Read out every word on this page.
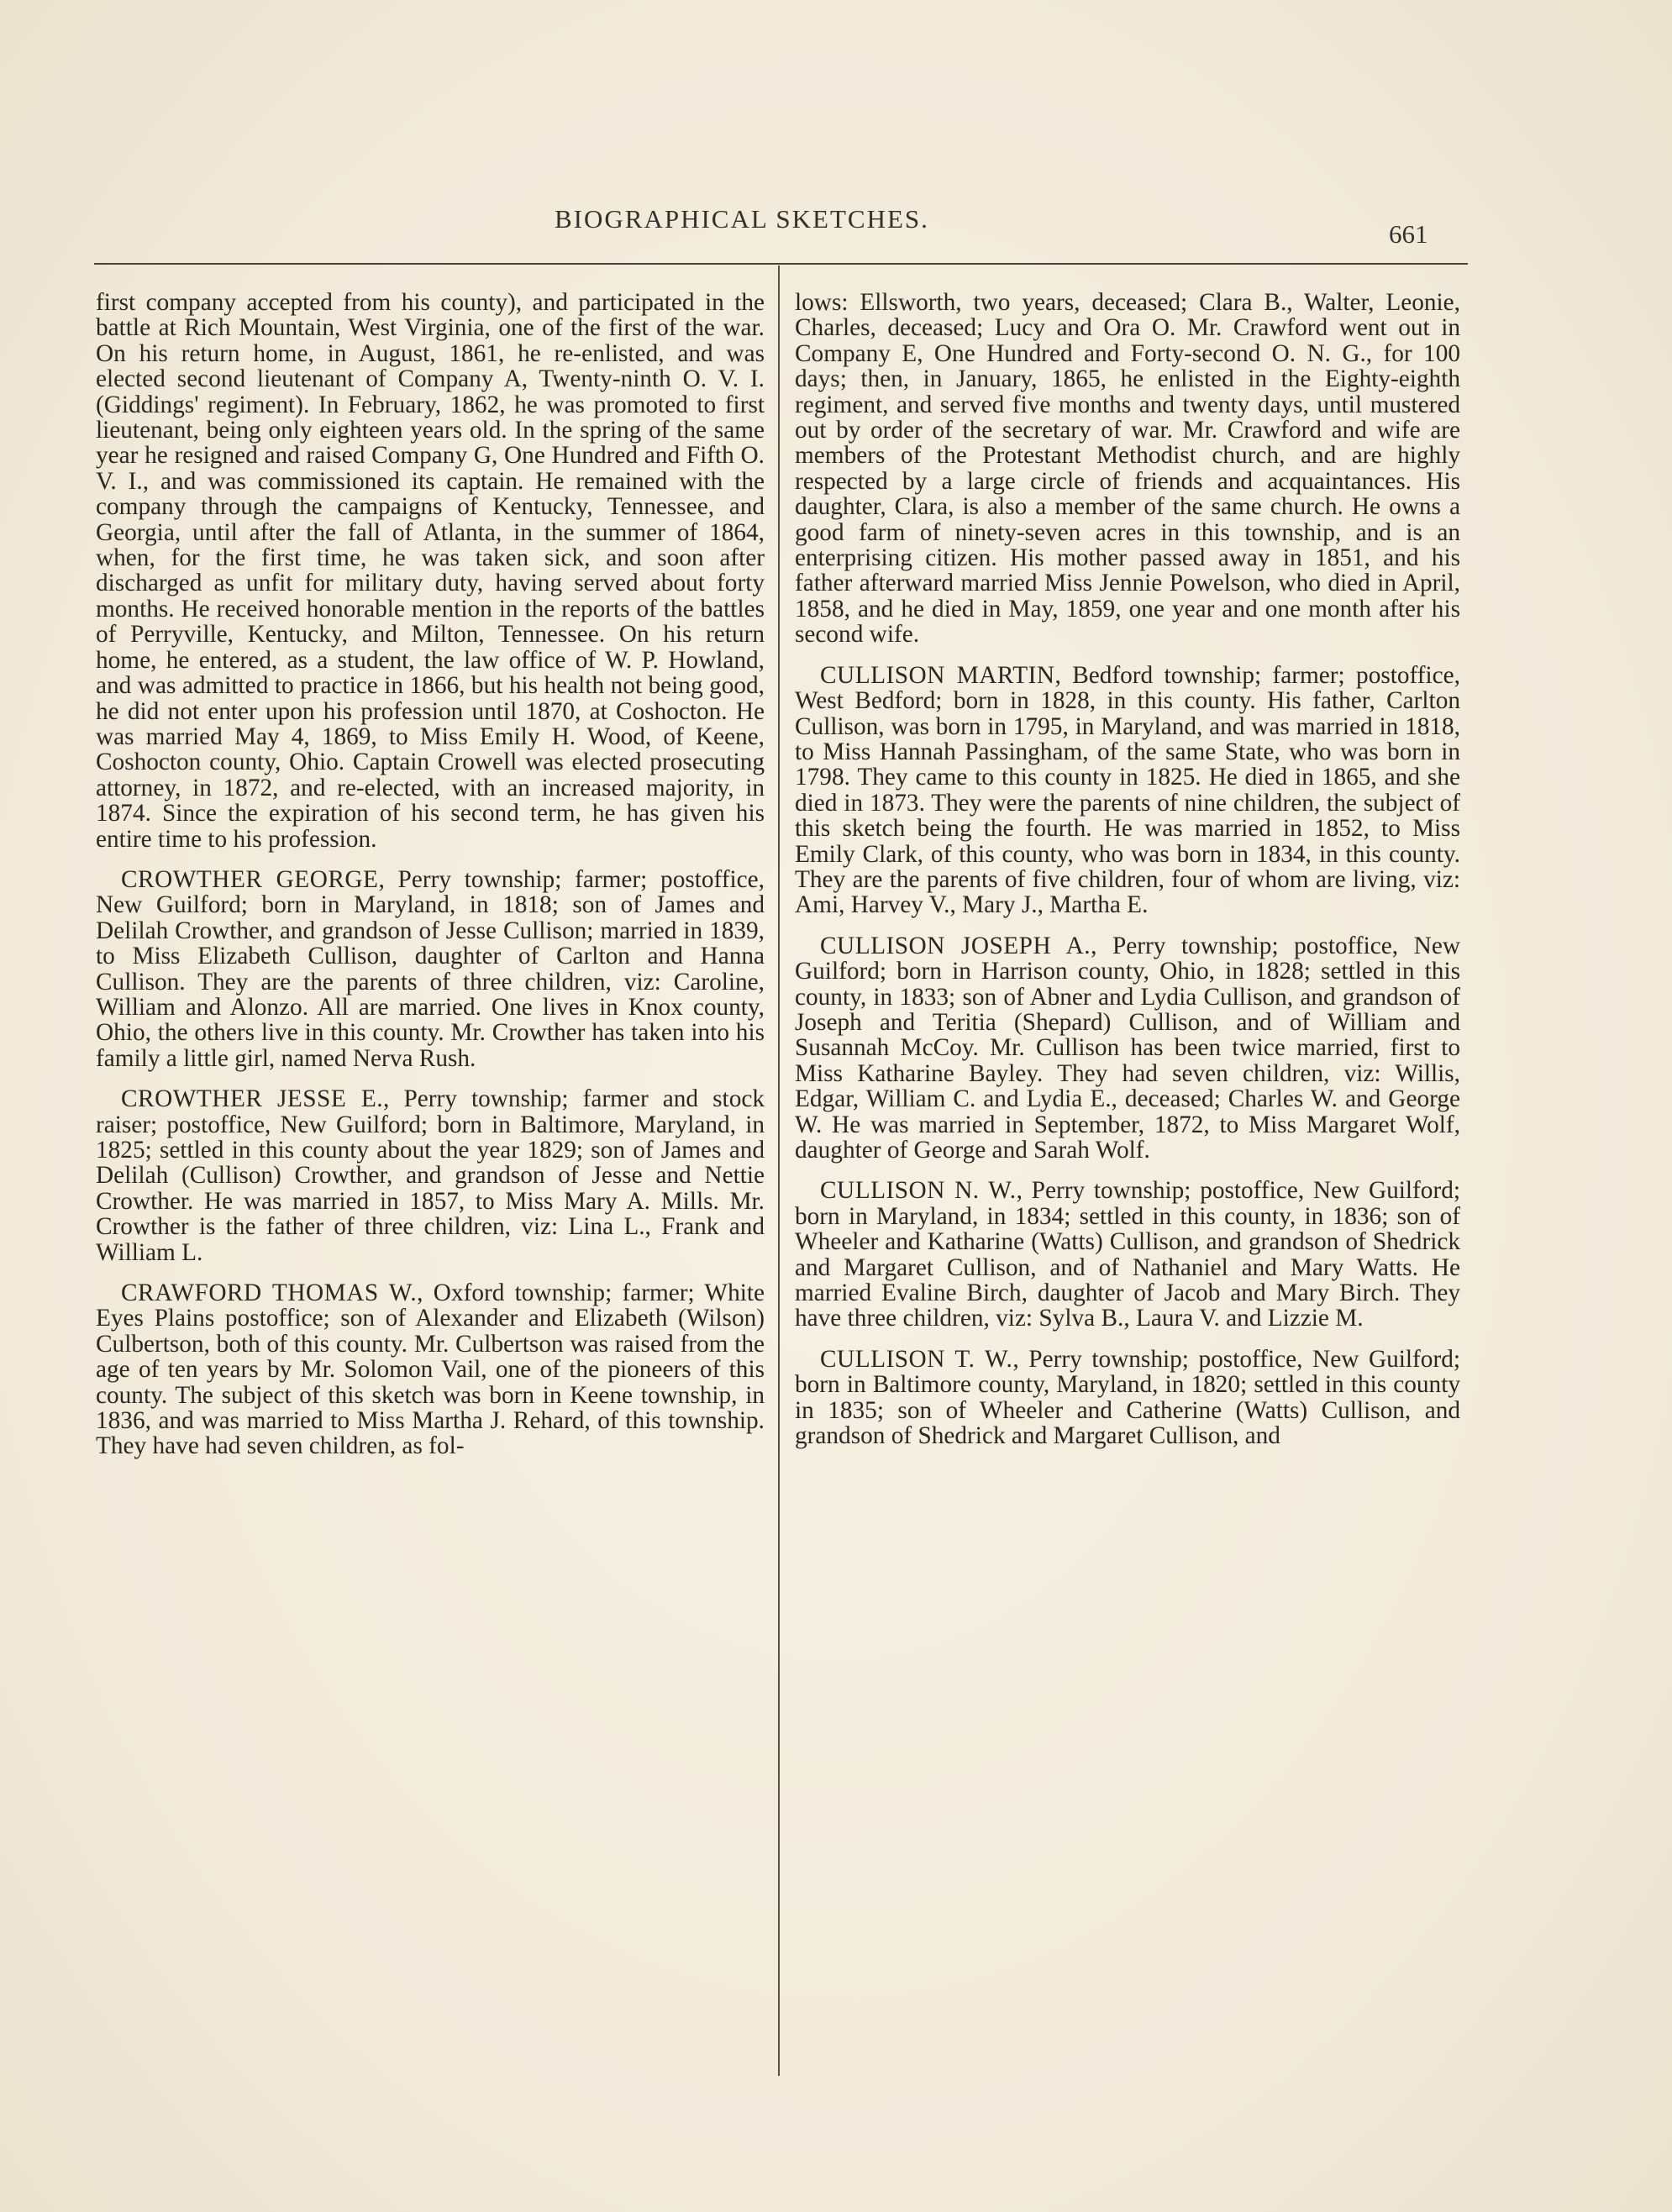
BIOGRAPHICAL SKETCHES.
661

first company accepted from his county), and participated in the battle at Rich Mountain, West Virginia, one of the first of the war. On his return home, in August, 1861, he re-enlisted, and was elected second lieutenant of Company A, Twenty-ninth O. V. I. (Giddings' regiment). In February, 1862, he was promoted to first lieutenant, being only eighteen years old. In the spring of the same year he resigned and raised Company G, One Hundred and Fifth O. V. I., and was commissioned its captain. He remained with the company through the campaigns of Kentucky, Tennessee, and Georgia, until after the fall of Atlanta, in the summer of 1864, when, for the first time, he was taken sick, and soon after discharged as unfit for military duty, having served about forty months. He received honorable mention in the reports of the battles of Perryville, Kentucky, and Milton, Tennessee. On his return home, he entered, as a student, the law office of W. P. Howland, and was admitted to practice in 1866, but his health not being good, he did not enter upon his profession until 1870, at Coshocton. He was married May 4, 1869, to Miss Emily H. Wood, of Keene, Coshocton county, Ohio. Captain Crowell was elected prosecuting attorney, in 1872, and re-elected, with an increased majority, in 1874. Since the expiration of his second term, he has given his entire time to his profession.

CROWTHER GEORGE, Perry township; farmer; postoffice, New Guilford; born in Maryland, in 1818; son of James and Delilah Crowther, and grandson of Jesse Cullison; married in 1839, to Miss Elizabeth Cullison, daughter of Carlton and Hanna Cullison. They are the parents of three children, viz: Caroline, William and Alonzo. All are married. One lives in Knox county, Ohio, the others live in this county. Mr. Crowther has taken into his family a little girl, named Nerva Rush.

CROWTHER JESSE E., Perry township; farmer and stock raiser; postoffice, New Guilford; born in Baltimore, Maryland, in 1825; settled in this county about the year 1829; son of James and Delilah (Cullison) Crowther, and grandson of Jesse and Nettie Crowther. He was married in 1857, to Miss Mary A. Mills. Mr. Crowther is the father of three children, viz: Lina L., Frank and William L.

CRAWFORD THOMAS W., Oxford township; farmer; White Eyes Plains postoffice; son of Alexander and Elizabeth (Wilson) Culbertson, both of this county. Mr. Culbertson was raised from the age of ten years by Mr. Solomon Vail, one of the pioneers of this county. The subject of this sketch was born in Keene township, in 1836, and was married to Miss Martha J. Rehard, of this township. They have had seven children, as fol-

lows: Ellsworth, two years, deceased; Clara B., Walter, Leonie, Charles, deceased; Lucy and Ora O. Mr. Crawford went out in Company E, One Hundred and Forty-second O. N. G., for 100 days; then, in January, 1865, he enlisted in the Eighty-eighth regiment, and served five months and twenty days, until mustered out by order of the secretary of war. Mr. Crawford and wife are members of the Protestant Methodist church, and are highly respected by a large circle of friends and acquaintances. His daughter, Clara, is also a member of the same church. He owns a good farm of ninety-seven acres in this township, and is an enterprising citizen. His mother passed away in 1851, and his father afterward married Miss Jennie Powelson, who died in April, 1858, and he died in May, 1859, one year and one month after his second wife.

CULLISON MARTIN, Bedford township; farmer; postoffice, West Bedford; born in 1828, in this county. His father, Carlton Cullison, was born in 1795, in Maryland, and was married in 1818, to Miss Hannah Passingham, of the same State, who was born in 1798. They came to this county in 1825. He died in 1865, and she died in 1873. They were the parents of nine children, the subject of this sketch being the fourth. He was married in 1852, to Miss Emily Clark, of this county, who was born in 1834, in this county. They are the parents of five children, four of whom are living, viz: Ami, Harvey V., Mary J., Martha E.

CULLISON JOSEPH A., Perry township; postoffice, New Guilford; born in Harrison county, Ohio, in 1828; settled in this county, in 1833; son of Abner and Lydia Cullison, and grandson of Joseph and Teritia (Shepard) Cullison, and of William and Susannah McCoy. Mr. Cullison has been twice married, first to Miss Katharine Bayley. They had seven children, viz: Willis, Edgar, William C. and Lydia E., deceased; Charles W. and George W. He was married in September, 1872, to Miss Margaret Wolf, daughter of George and Sarah Wolf.

CULLISON N. W., Perry township; postoffice, New Guilford; born in Maryland, in 1834; settled in this county, in 1836; son of Wheeler and Katharine (Watts) Cullison, and grandson of Shedrick and Margaret Cullison, and of Nathaniel and Mary Watts. He married Evaline Birch, daughter of Jacob and Mary Birch. They have three children, viz: Sylva B., Laura V. and Lizzie M.

CULLISON T. W., Perry township; postoffice, New Guilford; born in Baltimore county, Maryland, in 1820; settled in this county in 1835; son of Wheeler and Catherine (Watts) Cullison, and grandson of Shedrick and Margaret Cullison, and
